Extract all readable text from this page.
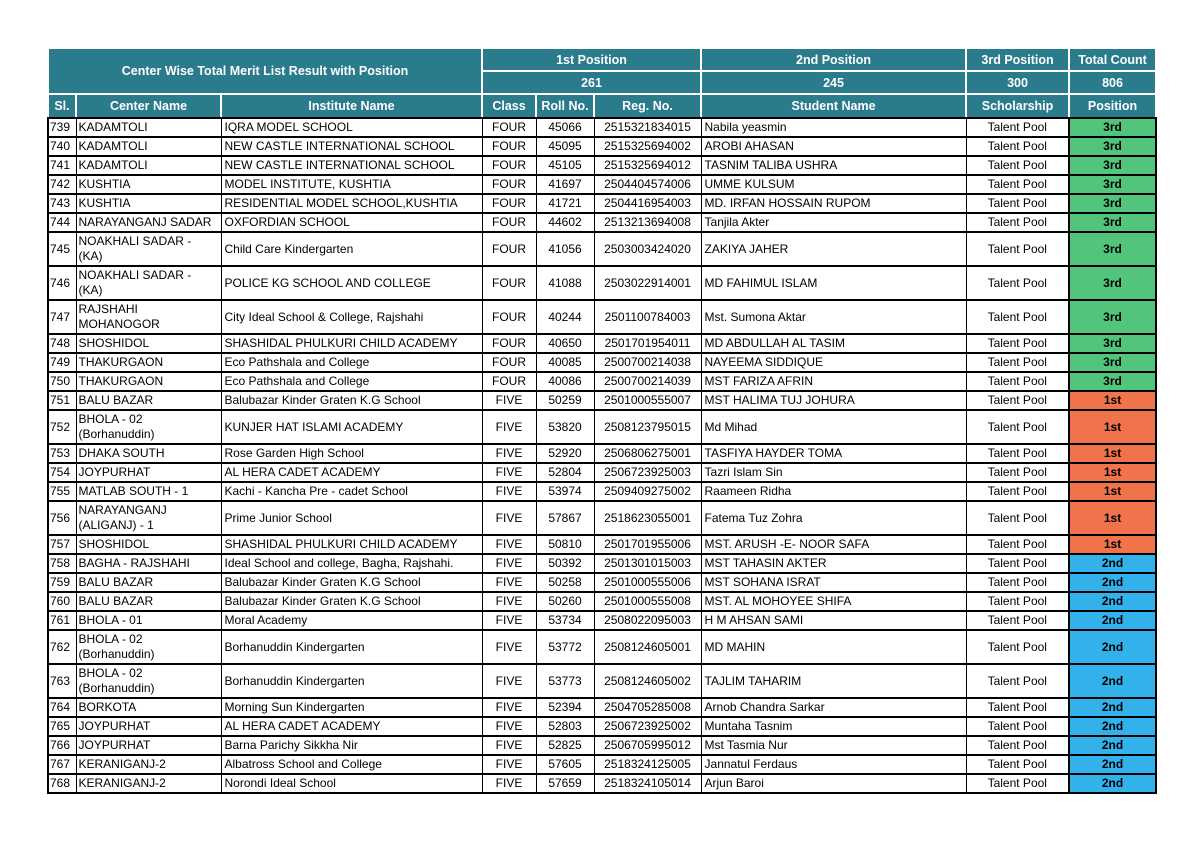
Center Wise Total Merit List Result with Position			1st Position			2nd Position	3rd Position	Total Count
			261			245	300	806
Sl.	Center Name	Institute Name	Class	Roll No.	Reg. No.	Student Name	Scholarship	Position
739	KADAMTOLI	IQRA MODEL SCHOOL	FOUR	45066	2515321834015	Nabila yeasmin	Talent Pool	3rd
740	KADAMTOLI	NEW CASTLE INTERNATIONAL SCHOOL	FOUR	45095	2515325694002	AROBI AHASAN	Talent Pool	3rd
741	KADAMTOLI	NEW CASTLE INTERNATIONAL SCHOOL	FOUR	45105	2515325694012	TASNIM TALIBA USHRA	Talent Pool	3rd
742	KUSHTIA	MODEL INSTITUTE, KUSHTIA	FOUR	41697	2504404574006	UMME KULSUM	Talent Pool	3rd
743	KUSHTIA	RESIDENTIAL MODEL SCHOOL,KUSHTIA	FOUR	41721	2504416954003	MD. IRFAN HOSSAIN RUPOM	Talent Pool	3rd
744	NARAYANGANJ SADAR	OXFORDIAN SCHOOL	FOUR	44602	2513213694008	Tanjila Akter	Talent Pool	3rd
745	NOAKHALI SADAR - (KA)	Child Care Kindergarten	FOUR	41056	2503003424020	ZAKIYA JAHER	Talent Pool	3rd
746	NOAKHALI SADAR - (KA)	POLICE KG SCHOOL AND COLLEGE	FOUR	41088	2503022914001	MD FAHIMUL ISLAM	Talent Pool	3rd
747	RAJSHAHI MOHANOGOR	City Ideal School & College, Rajshahi	FOUR	40244	2501100784003	Mst. Sumona Aktar	Talent Pool	3rd
748	SHOSHIDOL	SHASHIDAL PHULKURI CHILD ACADEMY	FOUR	40650	2501701954011	MD ABDULLAH AL TASIM	Talent Pool	3rd
749	THAKURGAON	Eco Pathshala and College	FOUR	40085	2500700214038	NAYEEMA SIDDIQUE	Talent Pool	3rd
750	THAKURGAON	Eco Pathshala and College	FOUR	40086	2500700214039	MST FARIZA AFRIN	Talent Pool	3rd
751	BALU BAZAR	Balubazar Kinder Graten K.G School	FIVE	50259	2501000555007	MST HALIMA TUJ JOHURA	Talent Pool	1st
752	BHOLA - 02 (Borhanuddin)	KUNJER HAT ISLAMI ACADEMY	FIVE	53820	2508123795015	Md Mihad	Talent Pool	1st
753	DHAKA SOUTH	Rose Garden High School	FIVE	52920	2506806275001	TASFIYA HAYDER TOMA	Talent Pool	1st
754	JOYPURHAT	AL HERA CADET ACADEMY	FIVE	52804	2506723925003	Tazri Islam Sin	Talent Pool	1st
755	MATLAB SOUTH - 1	Kachi - Kancha Pre - cadet School	FIVE	53974	2509409275002	Raameen Ridha	Talent Pool	1st
756	NARAYANGANJ (ALIGANJ) - 1	Prime Junior School	FIVE	57867	2518623055001	Fatema Tuz Zohra	Talent Pool	1st
757	SHOSHIDOL	SHASHIDAL PHULKURI CHILD ACADEMY	FIVE	50810	2501701955006	MST. ARUSH -E- NOOR SAFA	Talent Pool	1st
758	BAGHA - RAJSHAHI	Ideal School and college, Bagha, Rajshahi.	FIVE	50392	2501301015003	MST TAHASIN AKTER	Talent Pool	2nd
759	BALU BAZAR	Balubazar Kinder Graten K.G School	FIVE	50258	2501000555006	MST SOHANA ISRAT	Talent Pool	2nd
760	BALU BAZAR	Balubazar Kinder Graten K.G School	FIVE	50260	2501000555008	MST. AL MOHOYEE SHIFA	Talent Pool	2nd
761	BHOLA - 01	Moral Academy	FIVE	53734	2508022095003	H M AHSAN SAMI	Talent Pool	2nd
762	BHOLA - 02 (Borhanuddin)	Borhanuddin Kindergarten	FIVE	53772	2508124605001	MD MAHIN	Talent Pool	2nd
763	BHOLA - 02 (Borhanuddin)	Borhanuddin Kindergarten	FIVE	53773	2508124605002	TAJLIM TAHARIM	Talent Pool	2nd
764	BORKOTA	Morning Sun Kindergarten	FIVE	52394	2504705285008	Arnob Chandra Sarkar	Talent Pool	2nd
765	JOYPURHAT	AL HERA CADET ACADEMY	FIVE	52803	2506723925002	Muntaha Tasnim	Talent Pool	2nd
766	JOYPURHAT	Barna Parichy Sikkha Nir	FIVE	52825	2506705995012	Mst Tasmia Nur	Talent Pool	2nd
767	KERANIGANJ-2	Albatross School and College	FIVE	57605	2518324125005	Jannatul Ferdaus	Talent Pool	2nd
768	KERANIGANJ-2	Norondi Ideal School	FIVE	57659	2518324105014	Arjun Baroi	Talent Pool	2nd
